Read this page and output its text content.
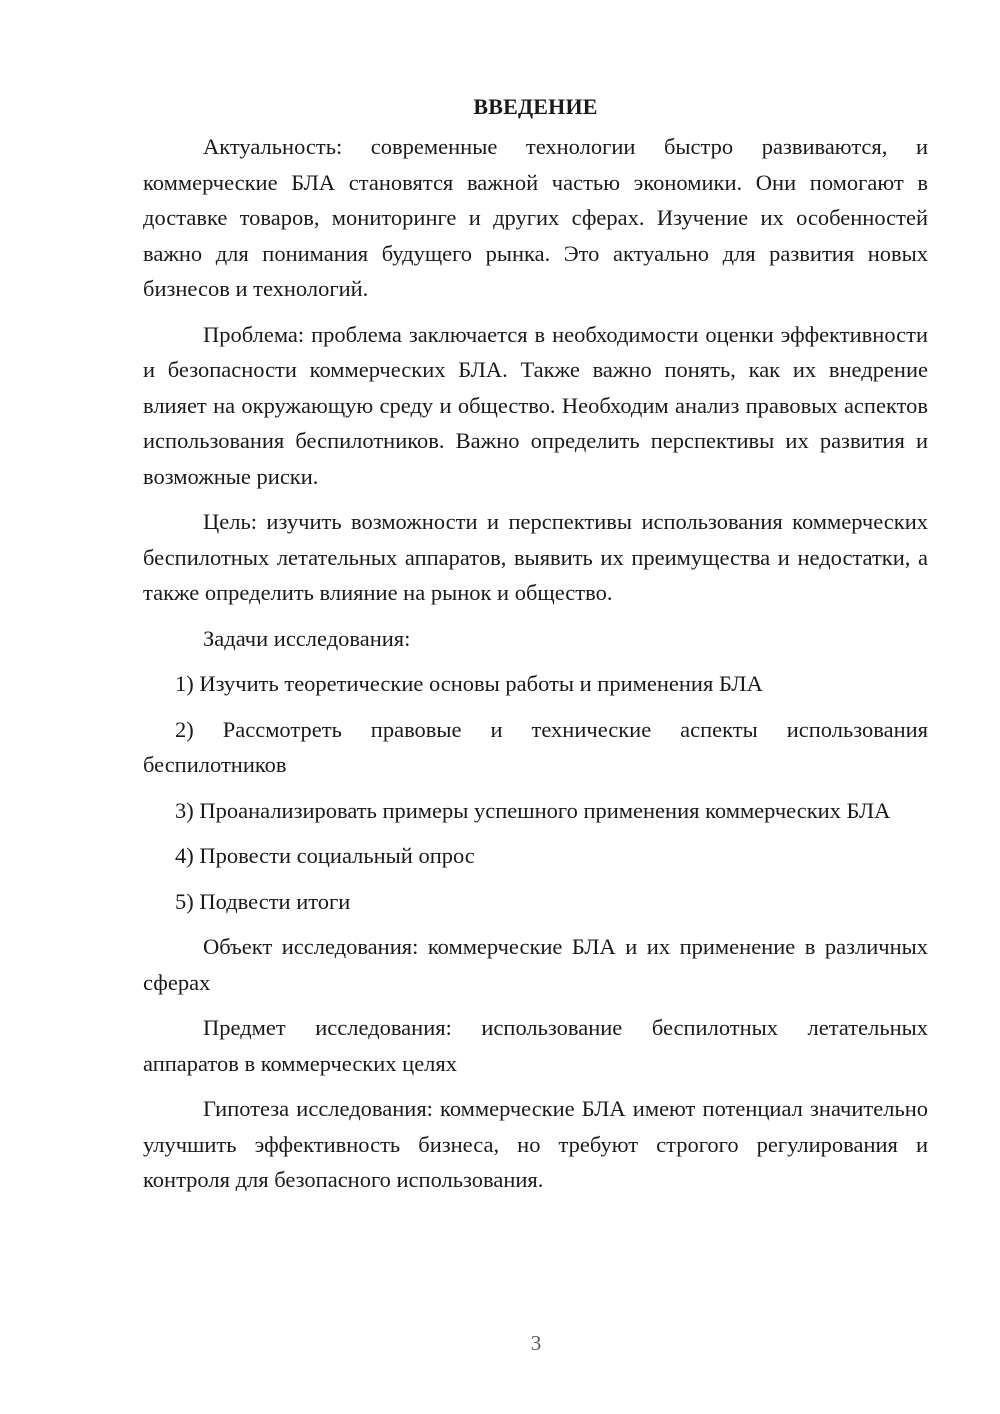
ВВЕДЕНИЕ

Актуальность: современные технологии быстро развиваются, и коммерческие БЛА становятся важной частью экономики. Они помогают в доставке товаров, мониторинге и других сферах. Изучение их особенностей важно для понимания будущего рынка. Это актуально для развития новых бизнесов и технологий.

Проблема: проблема заключается в необходимости оценки эффективности и безопасности коммерческих БЛА. Также важно понять, как их внедрение влияет на окружающую среду и общество. Необходим анализ правовых аспектов использования беспилотников. Важно определить перспективы их развития и возможные риски.

Цель: изучить возможности и перспективы использования коммерческих беспилотных летательных аппаратов, выявить их преимущества и недостатки, а также определить влияние на рынок и общество.

Задачи исследования:

1) Изучить теоретические основы работы и применения БЛА

2) Рассмотреть правовые и технические аспекты использования беспилотников

3) Проанализировать примеры успешного применения коммерческих БЛА

4) Провести социальный опрос

5) Подвести итоги

Объект исследования: коммерческие БЛА и их применение в различных сферах

Предмет исследования: использование беспилотных летательных аппаратов в коммерческих целях

Гипотеза исследования: коммерческие БЛА имеют потенциал значительно улучшить эффективность бизнеса, но требуют строгого регулирования и контроля для безопасного использования.

3
